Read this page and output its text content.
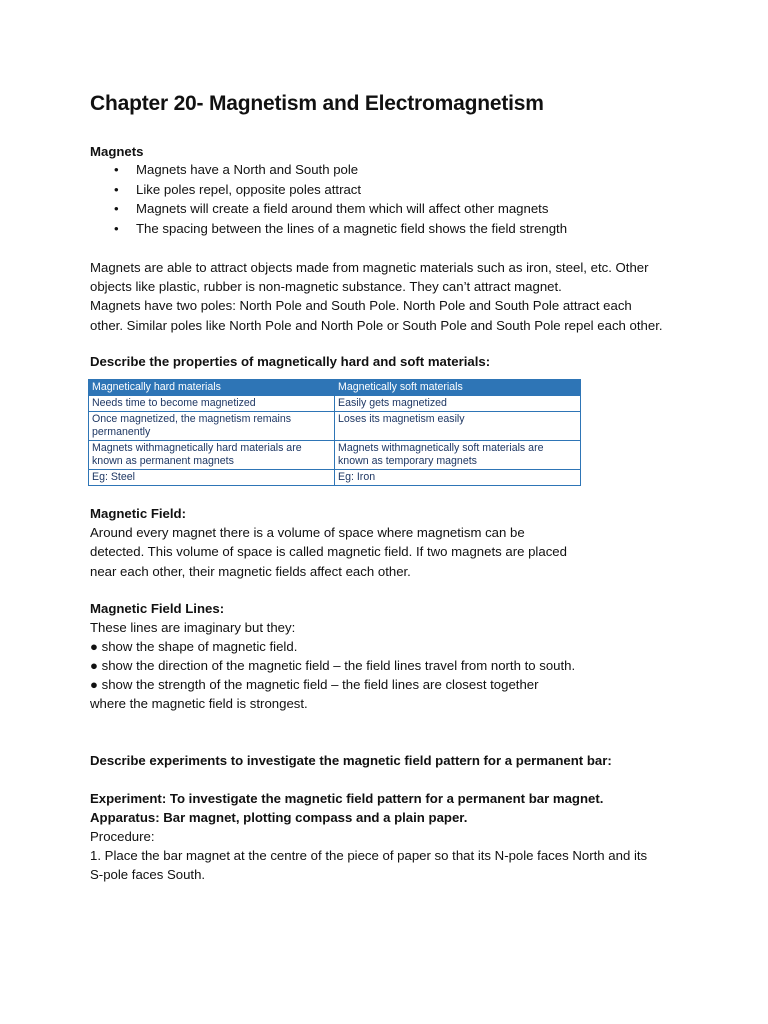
Chapter 20- Magnetism and Electromagnetism
Magnets
• Magnets have a North and South pole
• Like poles repel, opposite poles attract
• Magnets will create a field around them which will affect other magnets
• The spacing between the lines of a magnetic field shows the field strength
Magnets are able to attract objects made from magnetic materials such as iron, steel, etc. Other
objects like plastic, rubber is non-magnetic substance. They can’t attract magnet.
Magnets have two poles: North Pole and South Pole. North Pole and South Pole attract each
other. Similar poles like North Pole and North Pole or South Pole and South Pole repel each other.
Describe the properties of magnetically hard and soft materials:
Magnetically hard materials	Magnetically soft materials
Needs time to become magnetized	Easily gets magnetized
Once magnetized, the magnetism remains permanently	Loses its magnetism easily
Magnets withmagnetically hard materials are known as permanent magnets	Magnets withmagnetically soft materials are known as temporary magnets
Eg: Steel	Eg: Iron
Magnetic Field:
Around every magnet there is a volume of space where magnetism can be
detected. This volume of space is called magnetic field. If two magnets are placed
near each other, their magnetic fields affect each other.
Magnetic Field Lines:
These lines are imaginary but they:
● show the shape of magnetic field.
● show the direction of the magnetic field – the field lines travel from north to south.
● show the strength of the magnetic field – the field lines are closest together
where the magnetic field is strongest.
Describe experiments to investigate the magnetic field pattern for a permanent bar:
Experiment: To investigate the magnetic field pattern for a permanent bar magnet.
Apparatus: Bar magnet, plotting compass and a plain paper.
Procedure:
1. Place the bar magnet at the centre of the piece of paper so that its N-pole faces North and its
S-pole faces South.
